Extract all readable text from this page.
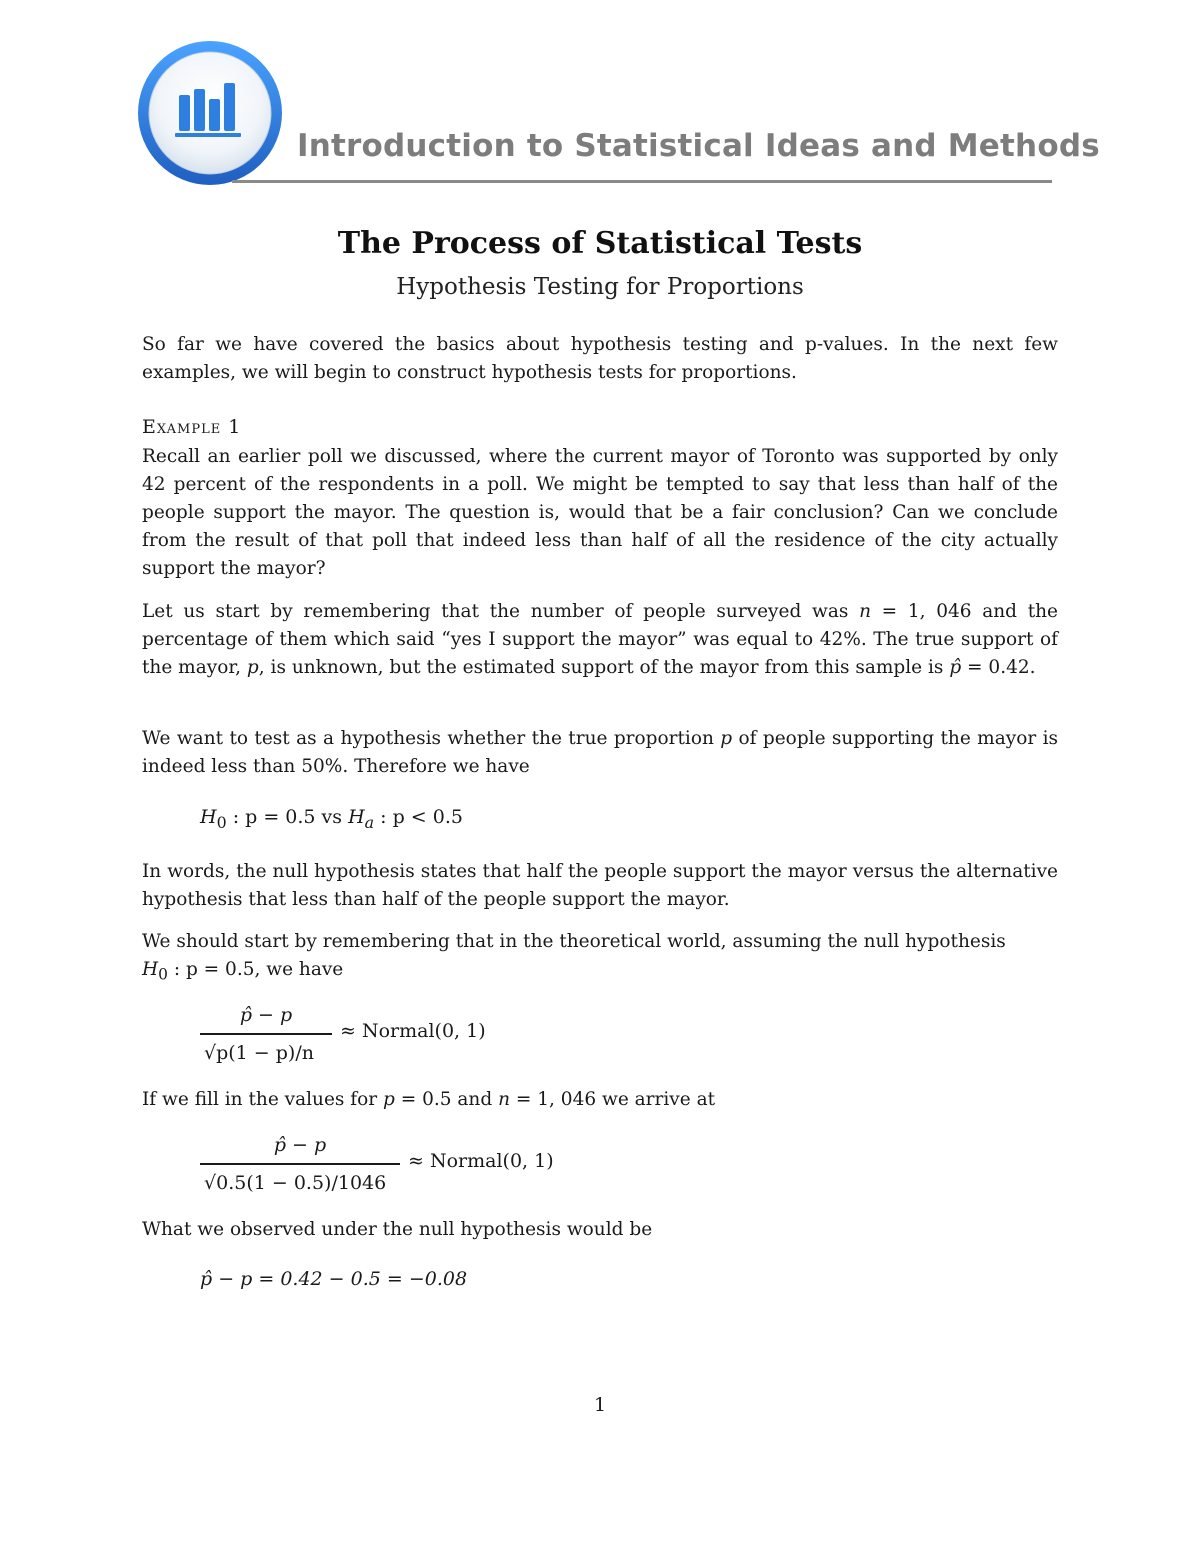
Introduction to Statistical Ideas and Methods
The Process of Statistical Tests
Hypothesis Testing for Proportions
So far we have covered the basics about hypothesis testing and p-values. In the next few examples, we will begin to construct hypothesis tests for proportions.
Example 1
Recall an earlier poll we discussed, where the current mayor of Toronto was supported by only 42 percent of the respondents in a poll. We might be tempted to say that less than half of the people support the mayor. The question is, would that be a fair conclusion? Can we conclude from the result of that poll that indeed less than half of all the residence of the city actually support the mayor?
Let us start by remembering that the number of people surveyed was n = 1, 046 and the percentage of them which said “yes I support the mayor” was equal to 42%. The true support of the mayor, p, is unknown, but the estimated support of the mayor from this sample is p̂ = 0.42.
We want to test as a hypothesis whether the true proportion p of people supporting the mayor is indeed less than 50%. Therefore we have
$H_0$ : p = 0.5 vs $H_a$ : p < 0.5
In words, the null hypothesis states that half the people support the mayor versus the alternative hypothesis that less than half of the people support the mayor.
We should start by remembering that in the theoretical world, assuming the null hypothesis
$H_0$ : p = 0.5, we have
p̂ − p
√p(1 − p)/n
≈ Normal(0, 1)
If we fill in the values for p = 0.5 and n = 1, 046 we arrive at
p̂ − p
√0.5(1 − 0.5)/1046
≈ Normal(0, 1)
What we observed under the null hypothesis would be
p̂ − p = 0.42 − 0.5 = −0.08
1
